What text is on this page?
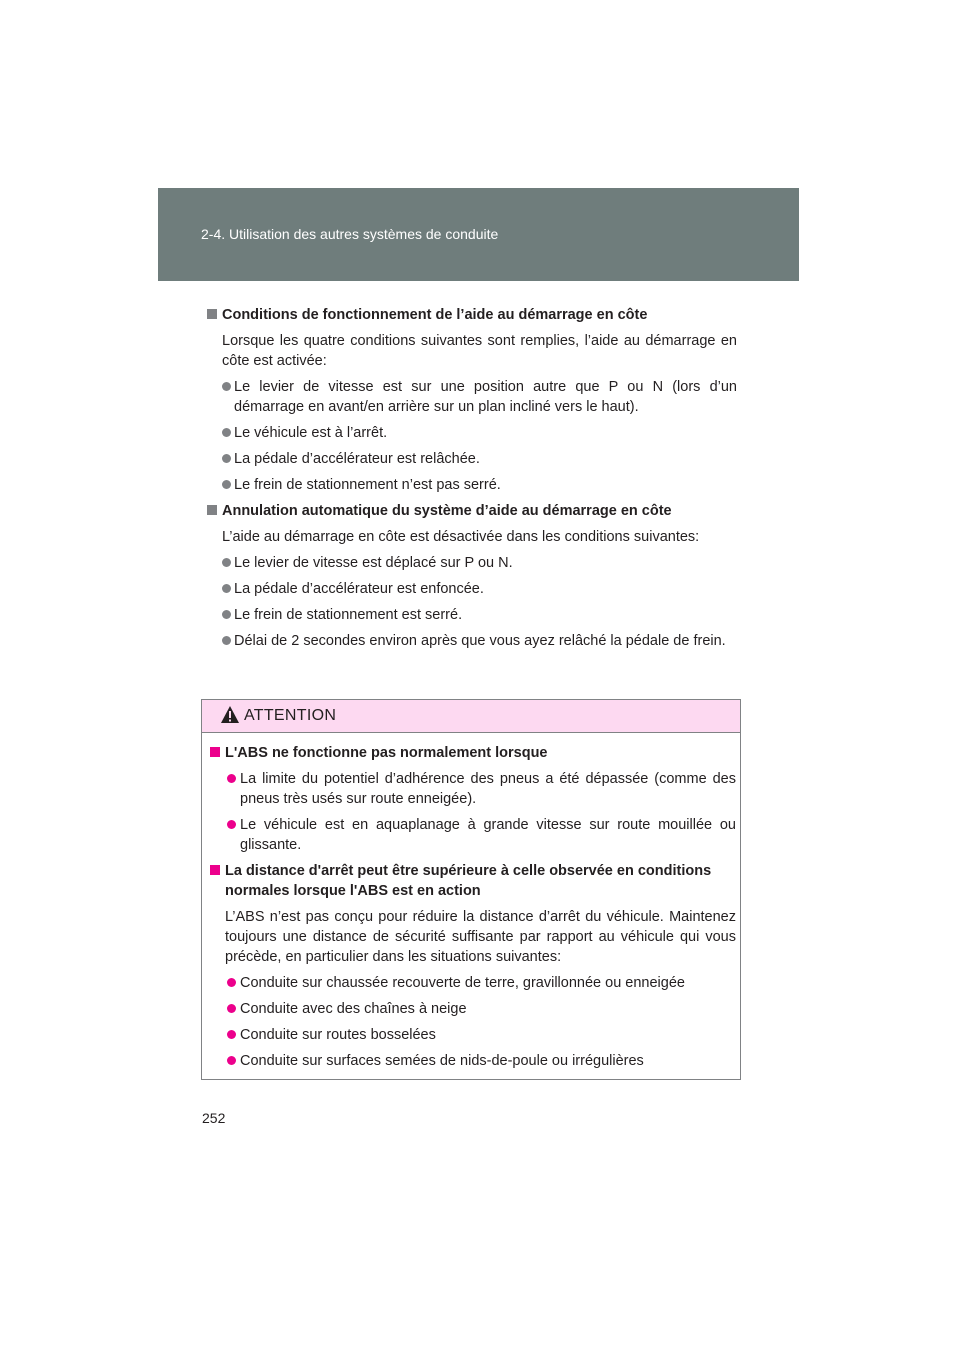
2-4. Utilisation des autres systèmes de conduite
Conditions de fonctionnement de l’aide au démarrage en côte
Lorsque les quatre conditions suivantes sont remplies, l’aide au démarrage en côte est activée:
Le levier de vitesse est sur une position autre que P ou N (lors d’un démarrage en avant/en arrière sur un plan incliné vers le haut).
Le véhicule est à l’arrêt.
La pédale d’accélérateur est relâchée.
Le frein de stationnement n’est pas serré.
Annulation automatique du système d’aide au démarrage en côte
L’aide au démarrage en côte est désactivée dans les conditions suivantes:
Le levier de vitesse est déplacé sur P ou N.
La pédale d’accélérateur est enfoncée.
Le frein de stationnement est serré.
Délai de 2 secondes environ après que vous ayez relâché la pédale de frein.
ATTENTION
L'ABS ne fonctionne pas normalement lorsque
La limite du potentiel d’adhérence des pneus a été dépassée (comme des pneus très usés sur route enneigée).
Le véhicule est en aquaplanage à grande vitesse sur route mouillée ou glissante.
La distance d'arrêt peut être supérieure à celle observée en conditions normales lorsque l'ABS est en action
L’ABS n’est pas conçu pour réduire la distance d’arrêt du véhicule. Maintenez toujours une distance de sécurité suffisante par rapport au véhicule qui vous précède, en particulier dans les situations suivantes:
Conduite sur chaussée recouverte de terre, gravillonnée ou enneigée
Conduite avec des chaînes à neige
Conduite sur routes bosselées
Conduite sur surfaces semées de nids-de-poule ou irrégulières
252
